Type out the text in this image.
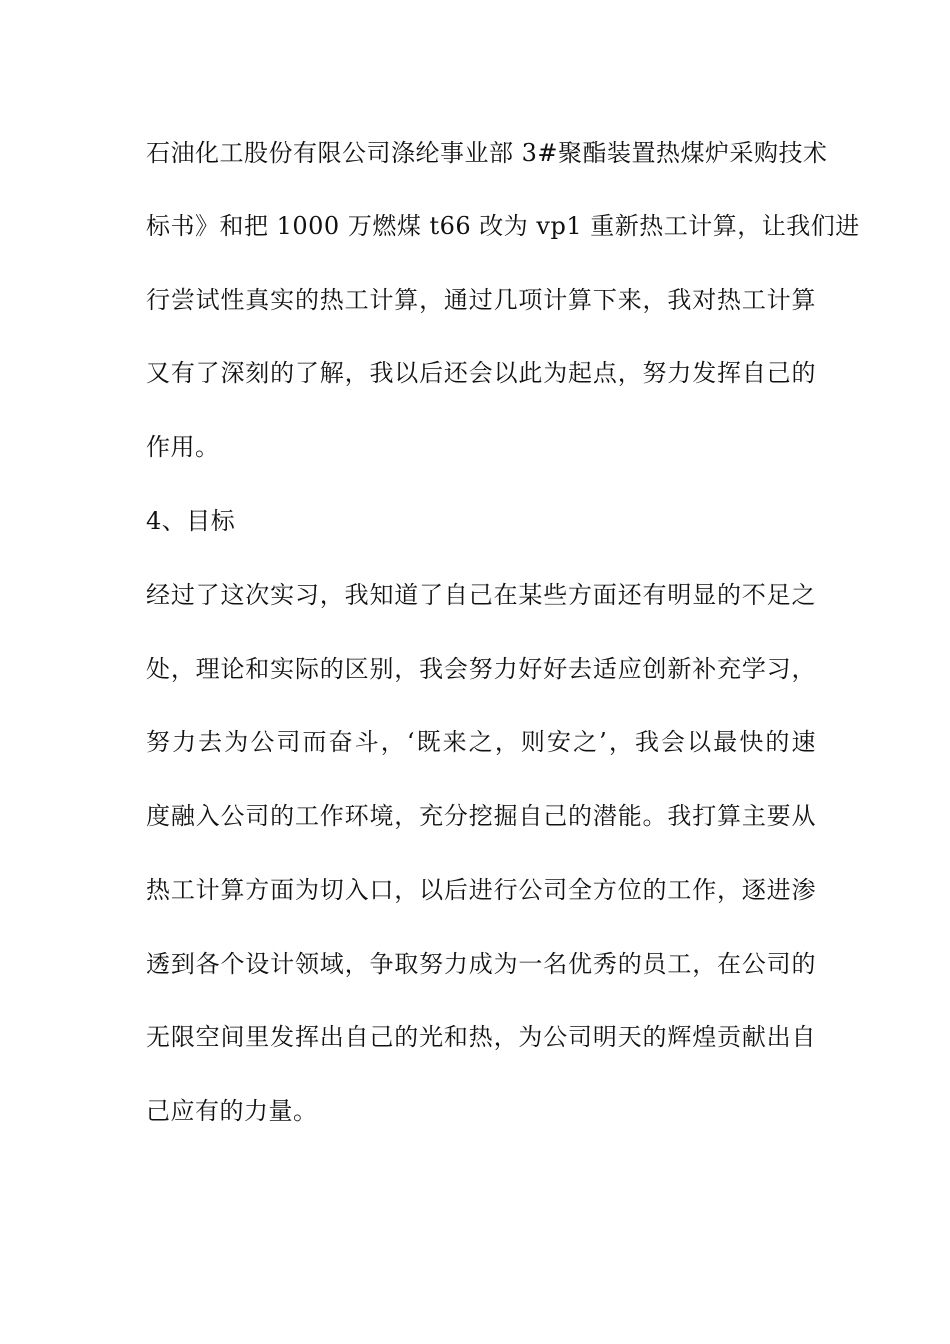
石油化工股份有限公司涤纶事业部 3#聚酯装置热煤炉采购技术
标书》和把 1000 万燃煤 t66 改为 vp1 重新热工计算，让我们进
行尝试性真实的热工计算，通过几项计算下来，我对热工计算
又有了深刻的了解，我以后还会以此为起点，努力发挥自己的
作用。
4、目标
经过了这次实习，我知道了自己在某些方面还有明显的不足之
处，理论和实际的区别，我会努力好好去适应创新补充学习，
努力去为公司而奋斗，‘既来之，则安之’，我会以最快的速
度融入公司的工作环境，充分挖掘自己的潜能。我打算主要从
热工计算方面为切入口，以后进行公司全方位的工作，逐进渗
透到各个设计领域，争取努力成为一名优秀的员工，在公司的
无限空间里发挥出自己的光和热，为公司明天的辉煌贡献出自
己应有的力量。
